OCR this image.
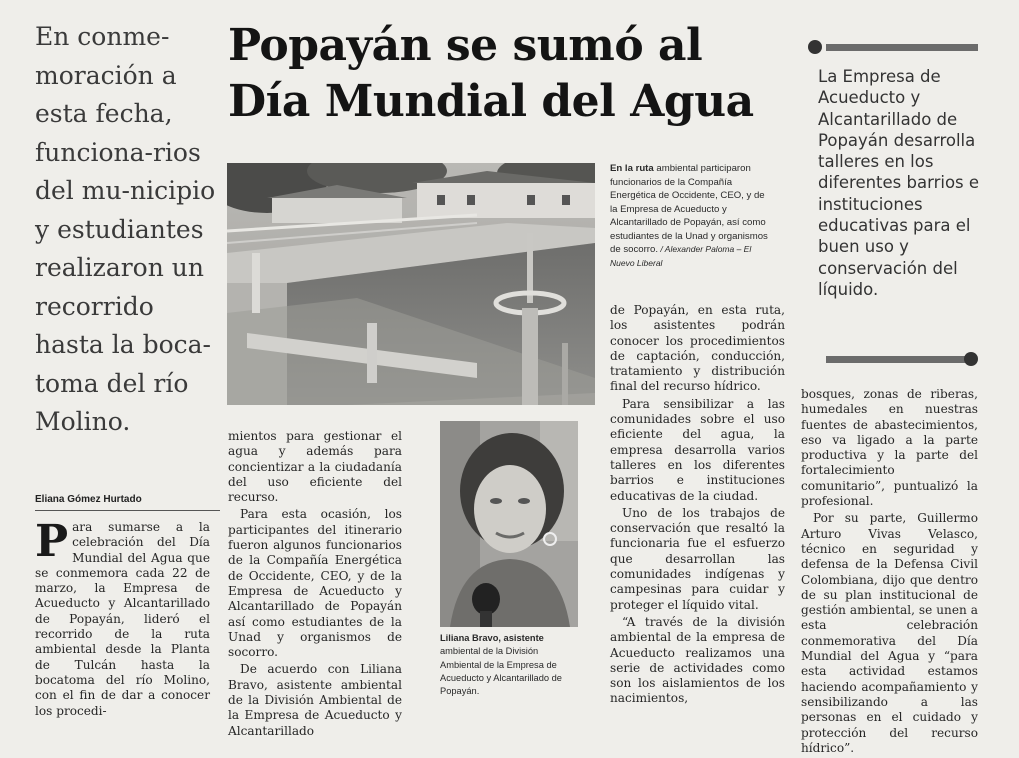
En conme-moración a esta fecha, funciona-rios del mu-nicipio y estudiantes realizaron un recorrido hasta la boca-toma del río Molino.
Popayán se sumó al
Día Mundial del Agua	La Empresa de Acueducto y Alcantarillado de Popayán desarrolla talleres en los diferentes barrios e instituciones educativas para el buen uso y conservación del líquido.
En la ruta ambiental participaron funcionarios de la Compañía Energética de Occidente, CEO, y de la Empresa de Acueducto y Alcantarillado de Popayán, así como estudiantes de la Unad y organismos de socorro. / Alexander Paloma – El Nuevo Liberal
Eliana Gómez Hurtado

Para sumarse a la celebración del Día Mundial del Agua que se conmemora cada 22 de marzo, la Empresa de Acueducto y Alcantarillado de Popayán, lideró el recorrido de la ruta ambiental desde la Planta de Tulcán hasta la bocatoma del río Molino, con el fin de dar a conocer los procedi-

mientos para gestionar el agua y además para concientizar a la ciudadanía del uso eficiente del recurso.

Para esta ocasión, los participantes del itinerario fueron algunos funcionarios de la Compañía Energética de Occidente, CEO, y de la Empresa de Acueducto y Alcantarillado de Popayán así como estudiantes de la Unad y organismos de socorro.

De acuerdo con Liliana Bravo, asistente ambiental de la División Ambiental de la Empresa de Acueducto y Alcantarillado

Liliana Bravo, asistente ambiental de la División Ambiental de la Empresa de Acueducto y Alcantarillado de Popayán.

de Popayán, en esta ruta, los asistentes podrán conocer los procedimientos de captación, conducción, tratamiento y distribución final del recurso hídrico.

Para sensibilizar a las comunidades sobre el uso eficiente del agua, la empresa desarrolla varios talleres en los diferentes barrios e instituciones educativas de la ciudad.

Uno de los trabajos de conservación que resaltó la funcionaria fue el esfuerzo que desarrollan las comunidades indígenas y campesinas para cuidar y proteger el líquido vital.

“A través de la división ambiental de la empresa de Acueducto realizamos una serie de actividades como son los aislamientos de los nacimientos,

bosques, zonas de riberas, humedales en nuestras fuentes de abastecimientos, eso va ligado a la parte productiva y la parte del fortalecimiento comunitario”, puntualizó la profesional.

Por su parte, Guillermo Arturo Vivas Velasco, técnico en seguridad y defensa de la Defensa Civil Colombiana, dijo que dentro de su plan institucional de gestión ambiental, se unen a esta celebración conmemorativa del Día Mundial del Agua y “para esta actividad estamos haciendo acompañamiento y sensibilizando a las personas en el cuidado y protección del recurso hídrico”.
